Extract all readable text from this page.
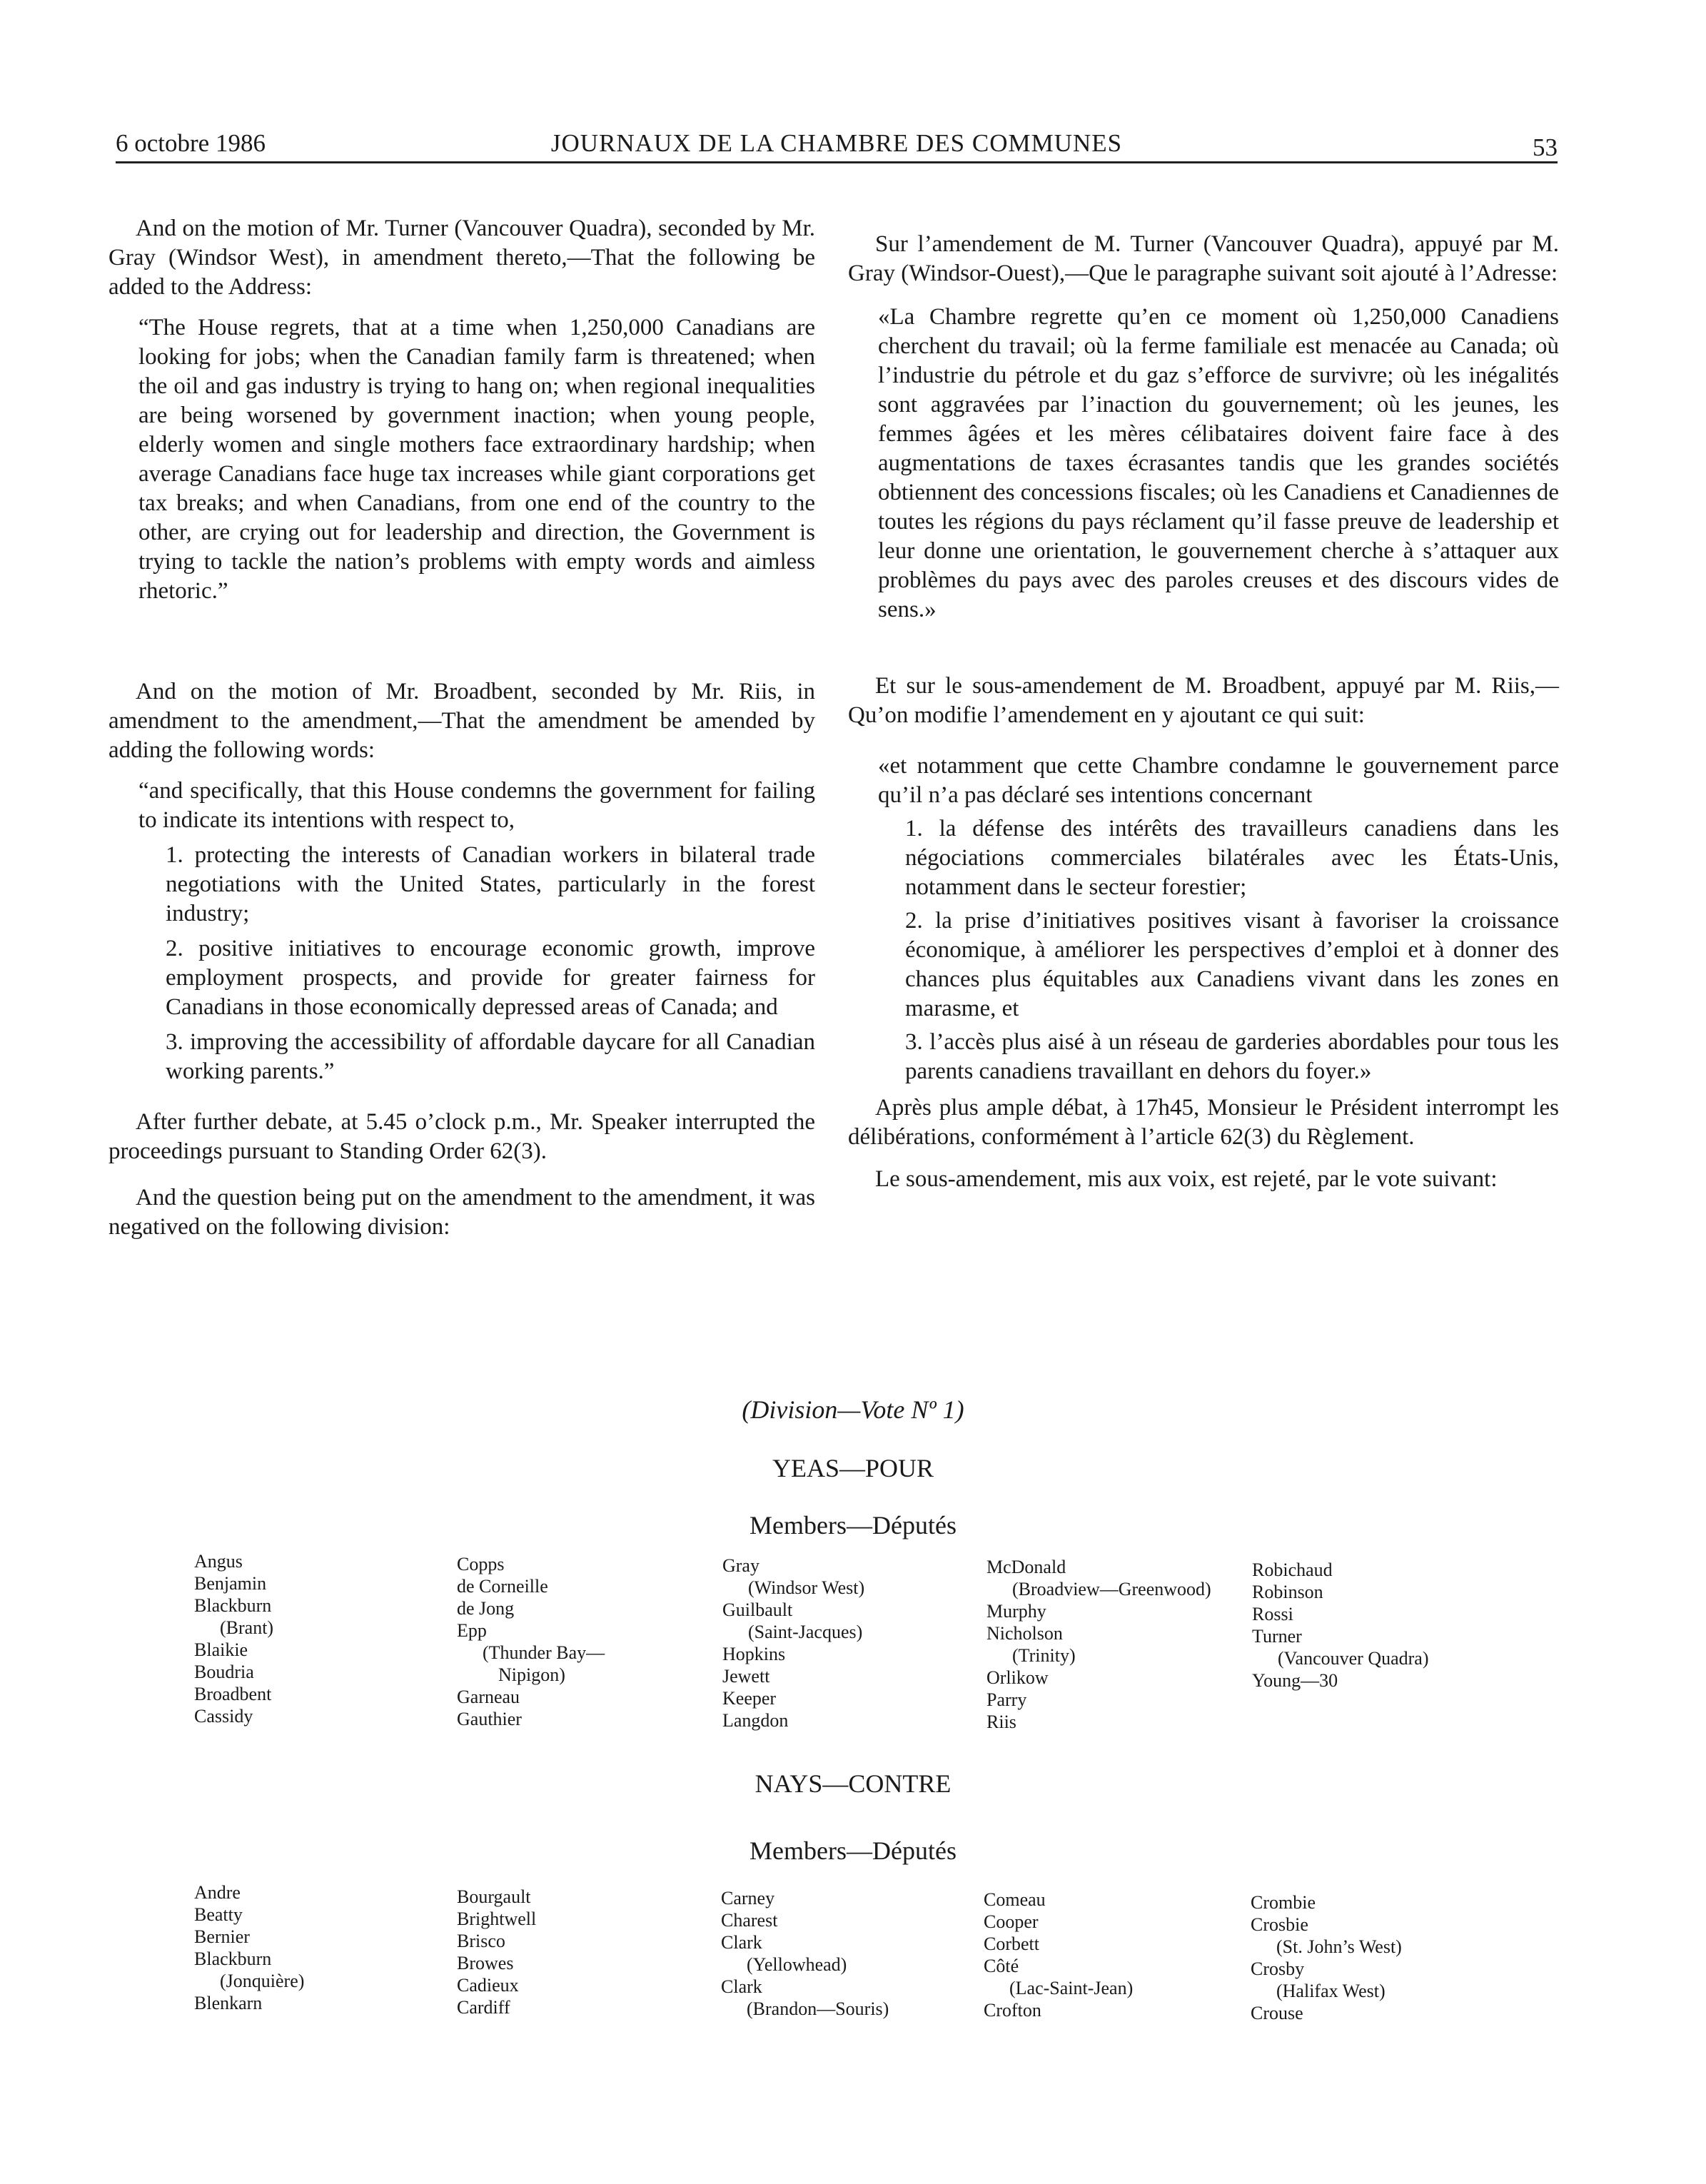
6 octobre 1986	JOURNAUX DE LA CHAMBRE DES COMMUNES	53

And on the motion of Mr. Turner (Vancouver Quadra), seconded by Mr. Gray (Windsor West), in amendment thereto,—That the following be added to the Address:

“The House regrets, that at a time when 1,250,000 Canadians are looking for jobs; when the Canadian family farm is threatened; when the oil and gas industry is trying to hang on; when regional inequalities are being worsened by government inaction; when young people, elderly women and single mothers face extraordinary hardship; when average Canadians face huge tax increases while giant corporations get tax breaks; and when Canadians, from one end of the country to the other, are crying out for leadership and direction, the Government is trying to tackle the nation’s problems with empty words and aimless rhetoric.”

And on the motion of Mr. Broadbent, seconded by Mr. Riis, in amendment to the amendment,—That the amendment be amended by adding the following words:

“and specifically, that this House condemns the government for failing to indicate its intentions with respect to,

1. protecting the interests of Canadian workers in bilateral trade negotiations with the United States, particularly in the forest industry;

2. positive initiatives to encourage economic growth, improve employment prospects, and provide for greater fairness for Canadians in those economically depressed areas of Canada; and

3. improving the accessibility of affordable daycare for all Canadian working parents.”

After further debate, at 5.45 o’clock p.m., Mr. Speaker interrupted the proceedings pursuant to Standing Order 62(3).

And the question being put on the amendment to the amendment, it was negatived on the following division:

Sur l’amendement de M. Turner (Vancouver Quadra), appuyé par M. Gray (Windsor-Ouest),—Que le paragraphe suivant soit ajouté à l’Adresse:

«La Chambre regrette qu’en ce moment où 1,250,000 Canadiens cherchent du travail; où la ferme familiale est menacée au Canada; où l’industrie du pétrole et du gaz s’efforce de survivre; où les inégalités sont aggravées par l’inaction du gouvernement; où les jeunes, les femmes âgées et les mères célibataires doivent faire face à des augmentations de taxes écrasantes tandis que les grandes sociétés obtiennent des concessions fiscales; où les Canadiens et Canadiennes de toutes les régions du pays réclament qu’il fasse preuve de leadership et leur donne une orientation, le gouvernement cherche à s’attaquer aux problèmes du pays avec des paroles creuses et des discours vides de sens.»

Et sur le sous-amendement de M. Broadbent, appuyé par M. Riis,—Qu’on modifie l’amendement en y ajoutant ce qui suit:

«et notamment que cette Chambre condamne le gouvernement parce qu’il n’a pas déclaré ses intentions concernant

1. la défense des intérêts des travailleurs canadiens dans les négociations commerciales bilatérales avec les États-Unis, notamment dans le secteur forestier;

2. la prise d’initiatives positives visant à favoriser la croissance économique, à améliorer les perspectives d’emploi et à donner des chances plus équitables aux Canadiens vivant dans les zones en marasme, et

3. l’accès plus aisé à un réseau de garderies abordables pour tous les parents canadiens travaillant en dehors du foyer.»

Après plus ample débat, à 17h45, Monsieur le Président interrompt les délibérations, conformément à l’article 62(3) du Règlement.

Le sous-amendement, mis aux voix, est rejeté, par le vote suivant:

(Division—Vote Nº 1)
YEAS—POUR
Members—Députés
Angus
Benjamin
Blackburn
(Brant)
Blaikie
Boudria
Broadbent
Cassidy
Copps
de Corneille
de Jong
Epp
(Thunder Bay—
Nipigon)
Garneau
Gauthier
Gray
(Windsor West)
Guilbault
(Saint-Jacques)
Hopkins
Jewett
Keeper
Langdon
McDonald
(Broadview—Greenwood)
Murphy
Nicholson
(Trinity)
Orlikow
Parry
Riis
Robichaud
Robinson
Rossi
Turner
(Vancouver Quadra)
Young—30
NAYS—CONTRE
Members—Députés
Andre
Beatty
Bernier
Blackburn
(Jonquière)
Blenkarn
Bourgault
Brightwell
Brisco
Browes
Cadieux
Cardiff
Carney
Charest
Clark
(Yellowhead)
Clark
(Brandon—Souris)
Comeau
Cooper
Corbett
Côté
(Lac-Saint-Jean)
Crofton
Crombie
Crosbie
(St. John’s West)
Crosby
(Halifax West)
Crouse
